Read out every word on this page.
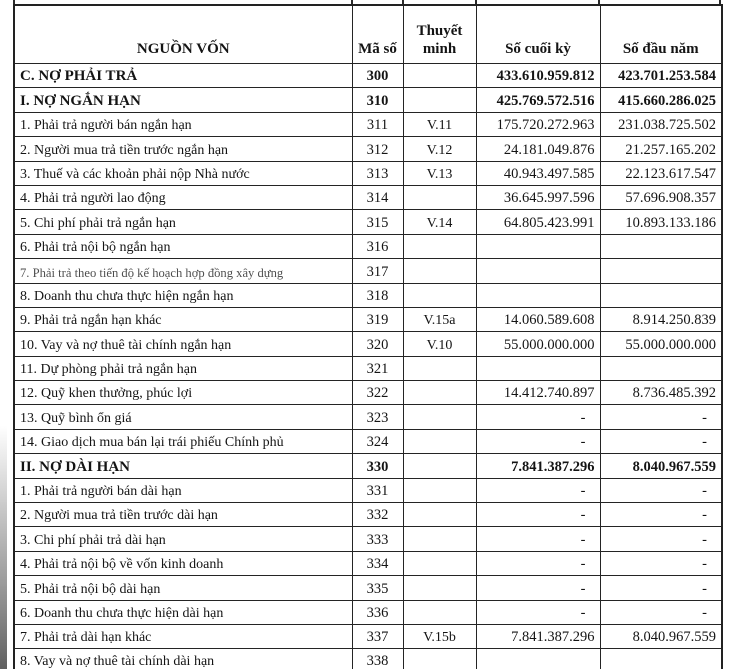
NGUỒN VỐN	Mã số	Thuyết minh	Số cuối kỳ	Số đầu năm
C. NỢ PHẢI TRẢ	300		433.610.959.812	423.701.253.584
I. NỢ NGẮN HẠN	310		425.769.572.516	415.660.286.025
1. Phải trả người bán ngắn hạn	311	V.11	175.720.272.963	231.038.725.502
2. Người mua trả tiền trước ngắn hạn	312	V.12	24.181.049.876	21.257.165.202
3. Thuế và các khoản phải nộp Nhà nước	313	V.13	40.943.497.585	22.123.617.547
4. Phải trả người lao động	314		36.645.997.596	57.696.908.357
5. Chi phí phải trả ngắn hạn	315	V.14	64.805.423.991	10.893.133.186
6. Phải trả nội bộ ngắn hạn	316			
7. Phải trả theo tiến độ kế hoạch hợp đồng xây dựng	317			
8. Doanh thu chưa thực hiện ngắn hạn	318			
9. Phải trả ngắn hạn khác	319	V.15a	14.060.589.608	8.914.250.839
10. Vay và nợ thuê tài chính ngắn hạn	320	V.10	55.000.000.000	55.000.000.000
11. Dự phòng phải trả ngắn hạn	321			
12. Quỹ khen thưởng, phúc lợi	322		14.412.740.897	8.736.485.392
13. Quỹ bình ổn giá	323		-	-
14. Giao dịch mua bán lại trái phiếu Chính phủ	324		-	-
II. NỢ DÀI HẠN	330		7.841.387.296	8.040.967.559
1. Phải trả người bán dài hạn	331		-	-
2. Người mua trả tiền trước dài hạn	332		-	-
3. Chi phí phải trả dài hạn	333		-	-
4. Phải trả nội bộ về vốn kinh doanh	334		-	-
5. Phải trả nội bộ dài hạn	335		-	-
6. Doanh thu chưa thực hiện dài hạn	336		-	-
7. Phải trả dài hạn khác	337	V.15b	7.841.387.296	8.040.967.559
8. Vay và nợ thuê tài chính dài hạn	338			
